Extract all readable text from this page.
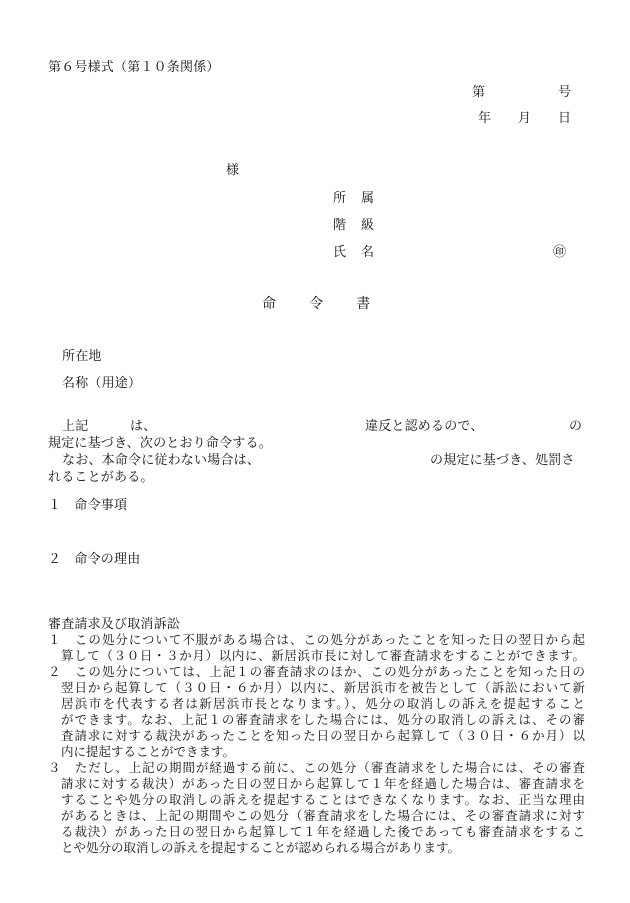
第６号様式（第１０条関係）
第	号
年 月 日
様
所　属
階　級
氏　名	㊞
命　　令　　書
所在地
名称（用途）
上記	は、	違反と認めるので、	の
規定に基づき、次のとおり命令する。
なお、本命令に従わない場合は、	の規定に基づき、処罰さ
れることがある。
１　命令事項
２　命令の理由
審査請求及び取消訴訟
１　この処分について不服がある場合は、この処分があったことを知った日の翌日から起
算して（３０日・３か月）以内に、新居浜市長に対して審査請求をすることができます。
２　この処分については、上記１の審査請求のほか、この処分があったことを知った日の
翌日から起算して（３０日・６か月）以内に、新居浜市を被告として（訴訟において新
居浜市を代表する者は新居浜市長となります。）、処分の取消しの訴えを提起すること
ができます。なお、上記１の審査請求をした場合には、処分の取消しの訴えは、その審
査請求に対する裁決があったことを知った日の翌日から起算して（３０日・６か月）以
内に提起することができます。
３　ただし、上記の期間が経過する前に、この処分（審査請求をした場合には、その審査
請求に対する裁決）があった日の翌日から起算して１年を経過した場合は、審査請求を
することや処分の取消しの訴えを提起することはできなくなります。なお、正当な理由
があるときは、上記の期間やこの処分（審査請求をした場合には、その審査請求に対す
る裁決）があった日の翌日から起算して１年を経過した後であっても審査請求をするこ
とや処分の取消しの訴えを提起することが認められる場合があります。
